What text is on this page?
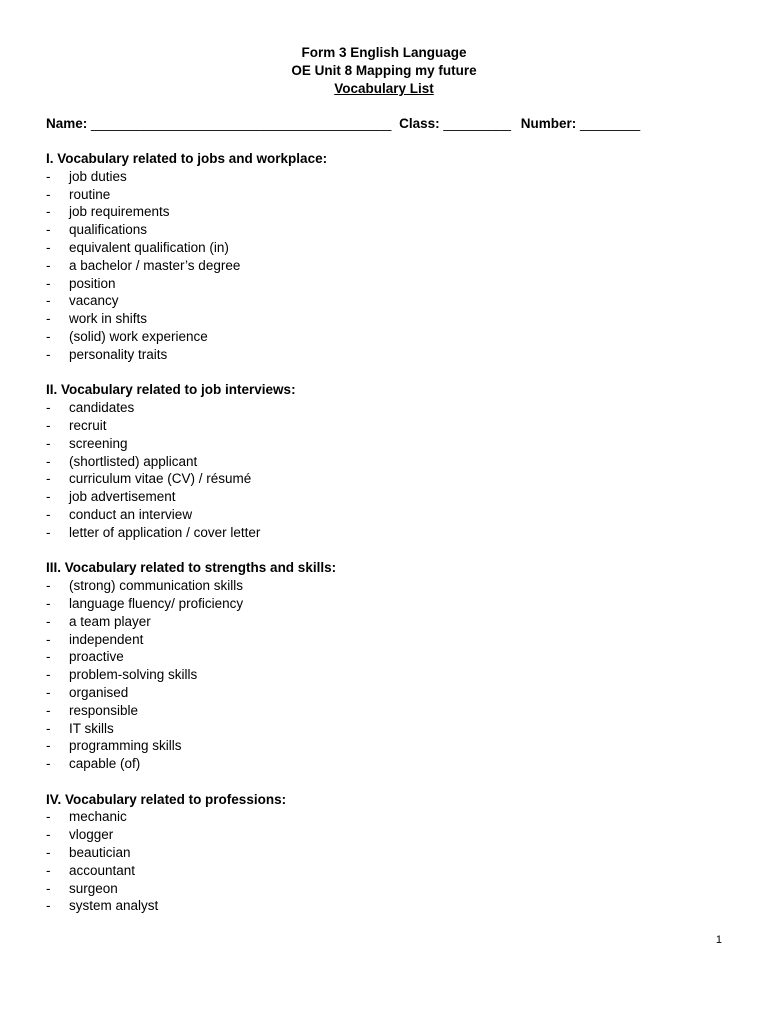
Form 3 English Language
OE Unit 8 Mapping my future
Vocabulary List
Name: ________________________________________ Class: _________ Number: ________
I. Vocabulary related to jobs and workplace:
- job duties
- routine
- job requirements
- qualifications
- equivalent qualification (in)
- a bachelor / master’s degree
- position
- vacancy
- work in shifts
- (solid) work experience
- personality traits
II. Vocabulary related to job interviews:
- candidates
- recruit
- screening
- (shortlisted) applicant
- curriculum vitae (CV) / résumé
- job advertisement
- conduct an interview
- letter of application / cover letter
III. Vocabulary related to strengths and skills:
- (strong) communication skills
- language fluency/ proficiency
- a team player
- independent
- proactive
- problem-solving skills
- organised
- responsible
- IT skills
- programming skills
- capable (of)
IV. Vocabulary related to professions:
- mechanic
- vlogger
- beautician
- accountant
- surgeon
- system analyst
1
